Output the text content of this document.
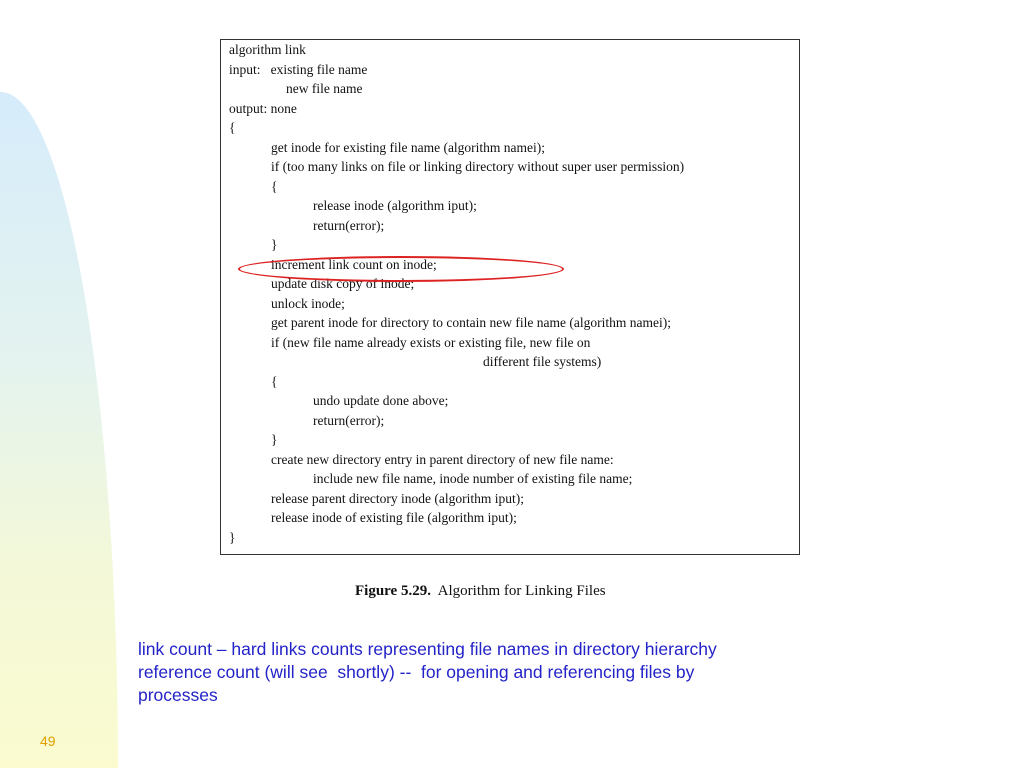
algorithm link
input:   existing file name
new file name
output: none
{
get inode for existing file name (algorithm namei);
if (too many links on file or linking directory without super user permission)
{
release inode (algorithm iput);
return(error);
}
increment link count on inode;
update disk copy of inode;
unlock inode;
get parent inode for directory to contain new file name (algorithm namei);
if (new file name already exists or existing file, new file on
different file systems)
{
undo update done above;
return(error);
}
create new directory entry in parent directory of new file name:
include new file name, inode number of existing file name;
release parent directory inode (algorithm iput);
release inode of existing file (algorithm iput);
}
Figure 5.29. Algorithm for Linking Files
link count – hard links counts representing file names in directory hierarchy
reference count (will see  shortly) --  for opening and referencing files by
processes
49
